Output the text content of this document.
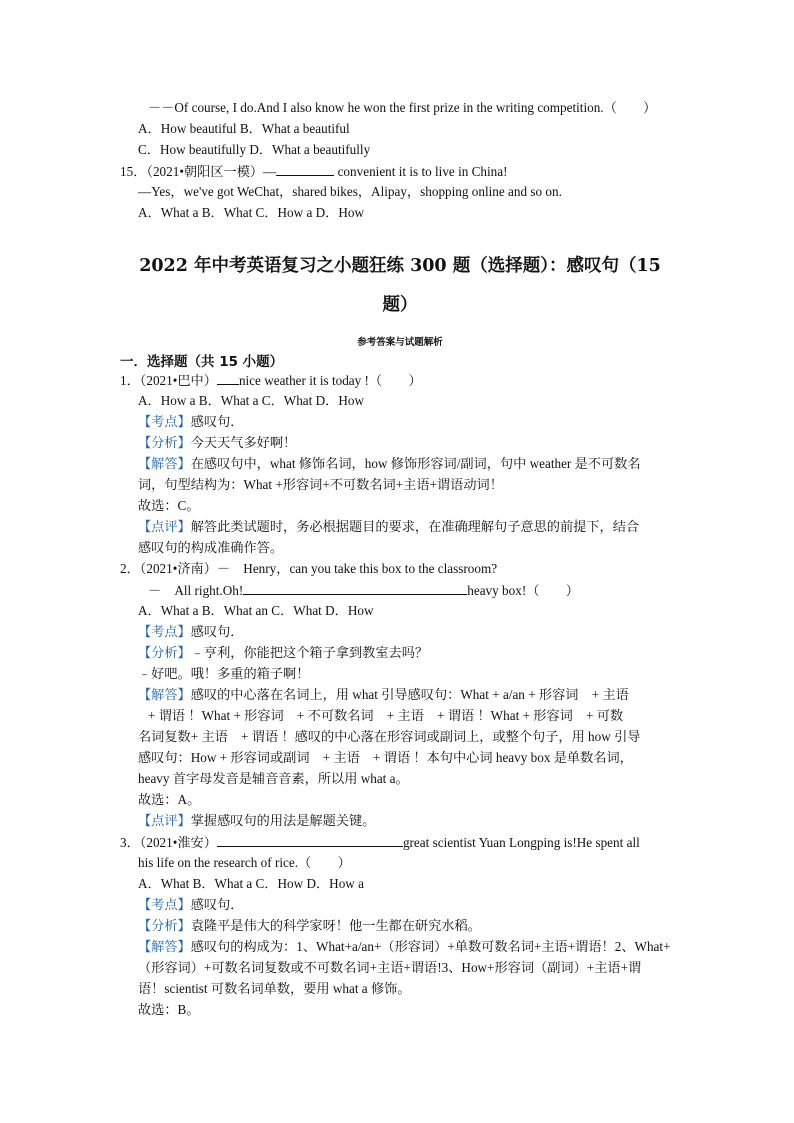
－－Of course, I do.And I also know he won the first prize in the writing competition.（　　）
A．How beautiful B．What a beautiful
C．How beautifully D．What a beautifully
15．（2021•朝阳区一模）—	convenient it is to live in China!
—Yes，we've got WeChat，shared bikes，Alipay，shopping online and so on.
A．What a B．What C．How a D．How
2022 年中考英语复习之小题狂练 300 题（选择题）：感叹句（15
题）
参考答案与试题解析
一．选择题（共 15 小题）
1．（2021•巴中） nice weather it is today !（　　）
A．How a B．What a C．What D．How
【考点】感叹句．
【分析】今天天气多好啊！
【解答】在感叹句中，what 修饰名词，how 修饰形容词/副词，句中 weather 是不可数名
词，句型结构为：What +形容词+不可数名词+主语+谓语动词！
故选：C。
【点评】解答此类试题时，务必根据题目的要求，在准确理解句子意思的前提下，结合
感叹句的构成准确作答。
2．（2021•济南）－　Henry，can you take this box to the classroom?
－　All right.Oh!	heavy box!（　　）
A．What a B．What an C．What D．How
【考点】感叹句．
【分析】﹣亨利，你能把这个箱子拿到教室去吗？
﹣好吧。哦！多重的箱子啊！
【解答】感叹的中心落在名词上，用 what 引导感叹句：What + a/an + 形容词　+ 主语
+ 谓语 ！What + 形容词　+ 不可数名词　+ 主语　+ 谓语 ！What + 形容词　+ 可数
名词复数+ 主语　+ 谓语 ！感叹的中心落在形容词或副词上，或整个句子，用 how 引导
感叹句：How + 形容词或副词　+ 主语　+ 谓语 ！本句中心词 heavy box 是单数名词，
heavy 首字母发音是辅音音素，所以用 what a。
故选：A。
【点评】掌握感叹句的用法是解题关键。
3．（2021•淮安）	great scientist Yuan Longping is!He spent all
his life on the research of rice.（　　）
A．What B．What a C．How D．How a
【考点】感叹句．
【分析】袁隆平是伟大的科学家呀！他一生都在研究水稻。
【解答】感叹句的构成为：1、What+a/an+（形容词）+单数可数名词+主语+谓语！2、What+
（形容词）+可数名词复数或不可数名词+主语+谓语!3、How+形容词（副词）+主语+谓
语！scientist 可数名词单数，要用 what a 修饰。
故选：B。
